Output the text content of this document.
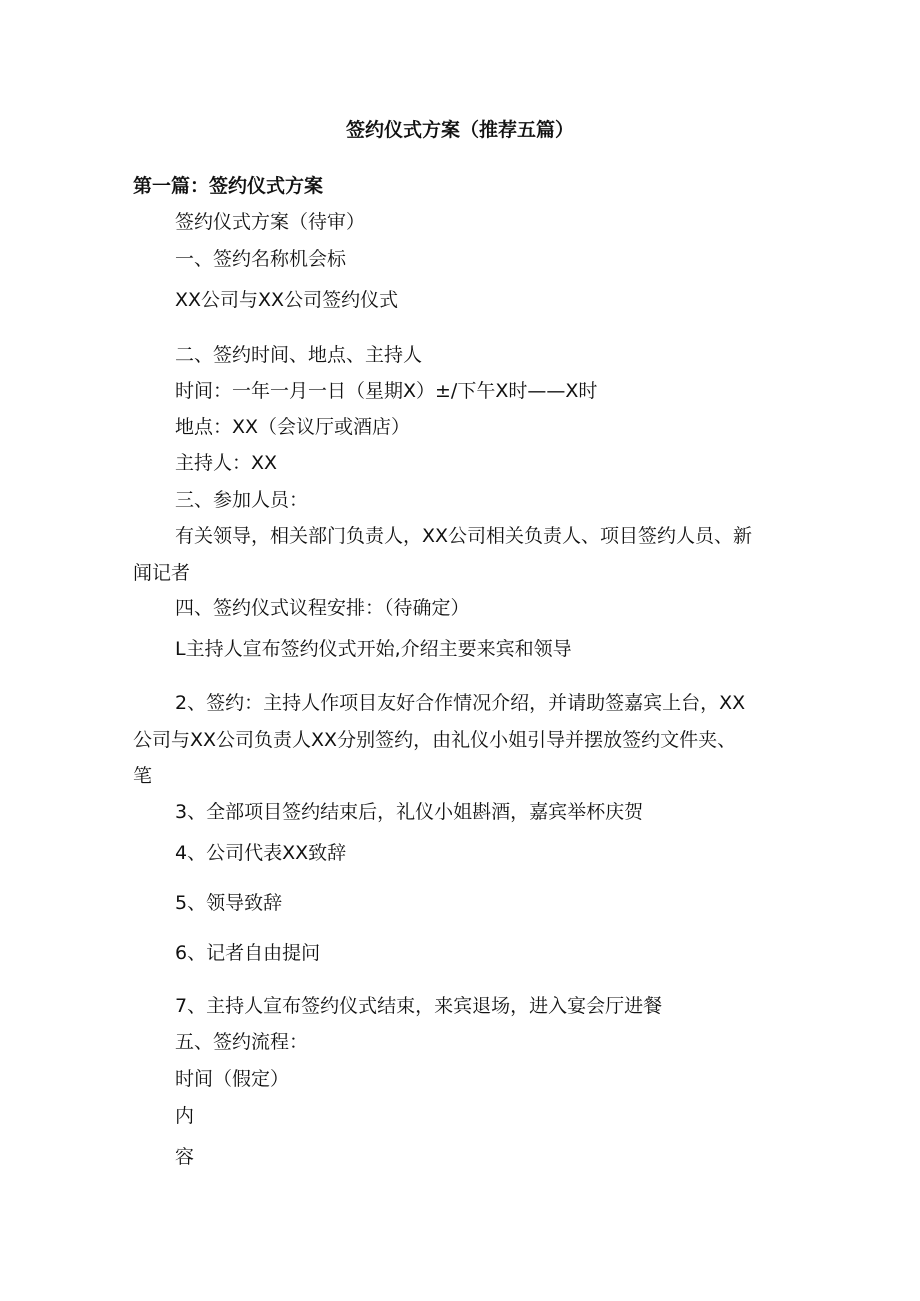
签约仪式方案（推荐五篇）
第一篇：签约仪式方案
签约仪式方案（待审）
一、签约名称机会标
XX公司与XX公司签约仪式
二、签约时间、地点、主持人
时间：一年一月一日（星期X）±∕下午X时——X时
地点：XX（会议厅或酒店）
主持人：XX
三、参加人员：
有关领导，相关部门负责人，XX公司相关负责人、项目签约人员、新
闻记者
四、签约仪式议程安排：（待确定）
L主持人宣布签约仪式开始,介绍主要来宾和领导
2、签约：主持人作项目友好合作情况介绍，并请助签嘉宾上台，XX
公司与XX公司负责人XX分别签约，由礼仪小姐引导并摆放签约文件夹、
笔
3、全部项目签约结束后，礼仪小姐斟酒，嘉宾举杯庆贺
4、公司代表XX致辞
5、领导致辞
6、记者自由提问
7、主持人宣布签约仪式结束，来宾退场，进入宴会厅进餐
五、签约流程：
时间（假定）
内
容
